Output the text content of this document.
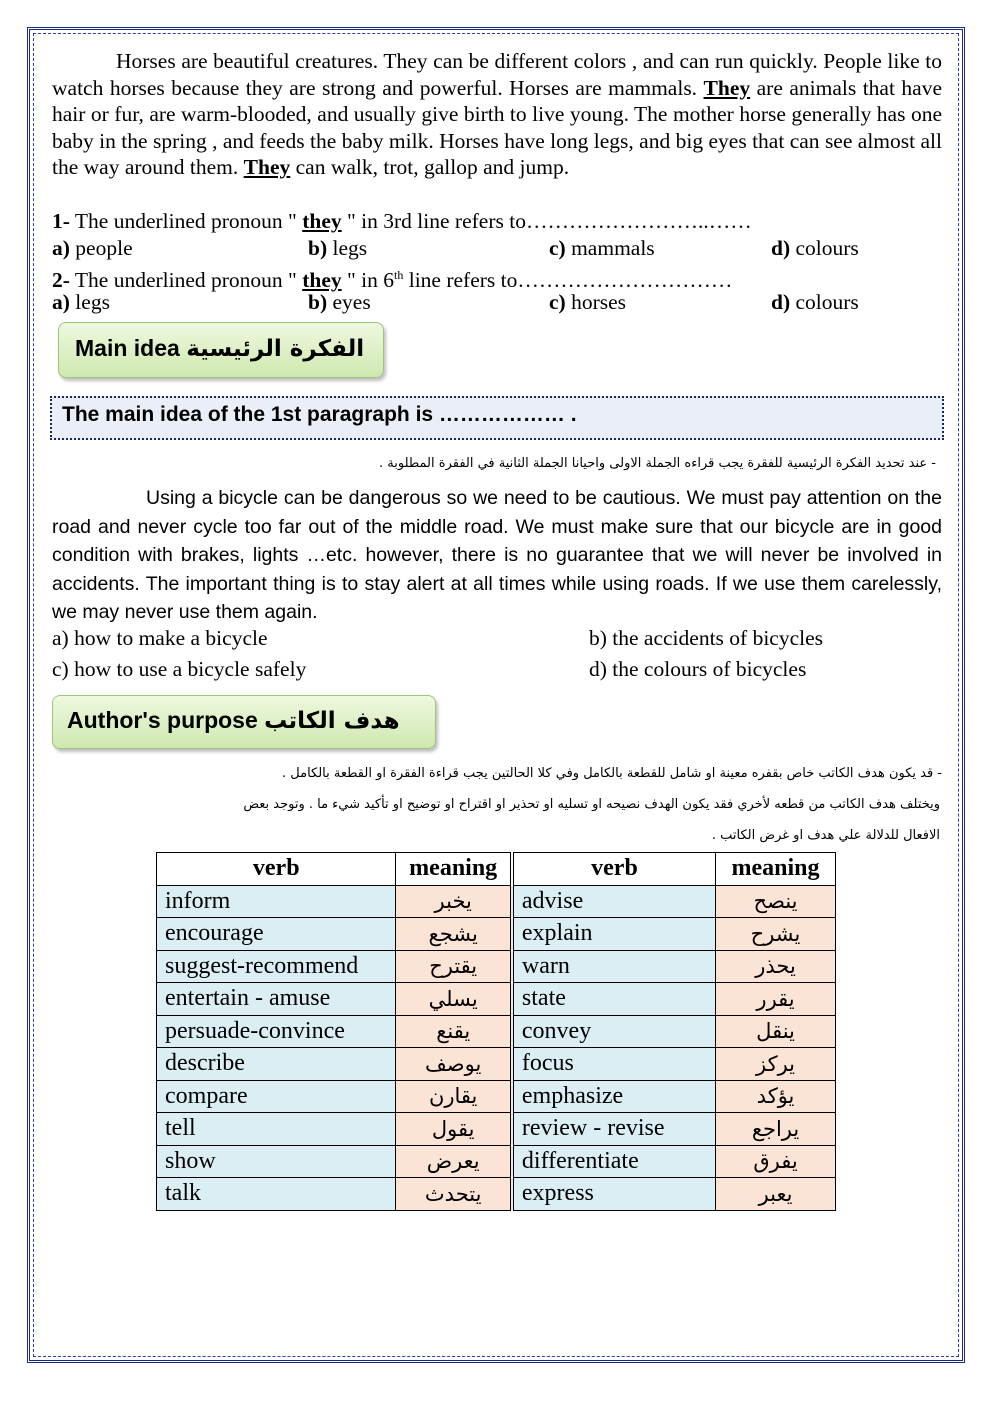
Horses are beautiful creatures. They can be different colors , and can run quickly. People like to watch horses because they are strong and powerful. Horses are mammals. They are animals that have hair or fur, are warm-blooded, and usually give birth to live young. The mother horse generally has one baby in the spring , and feeds the baby milk. Horses have long legs, and big eyes that can see almost all the way around them. They can walk, trot, gallop and jump.
1- The underlined pronoun " they " in 3rd line refers to……………………..……
a) people	b) legs	c) mammals	d) colours
2- The underlined pronoun " they " in 6th line refers to…………………………
a) legs	b) eyes	c) horses	d) colours
Main idea الفكرة الرئيسية
The main idea of the 1st paragraph is ……………… .
- عند تحديد الفكرة الرئيسية للفقرة يجب قراءه الجملة الاولى واحيانا الجملة الثانية في الفقرة المطلوبة .
Using a bicycle can be dangerous so we need to be cautious. We must pay attention on the road and never cycle too far out of the middle road. We must make sure that our bicycle are in good condition with brakes, lights …etc. however, there is no guarantee that we will never be involved in accidents. The important thing is to stay alert at all times while using roads. If we use them carelessly, we may never use them again.
a) how to make a bicycle	b) the accidents of bicycles
c) how to use a bicycle safely	d) the colours of bicycles
Author's purpose هدف الكاتب
- قد يكون هدف الكاتب خاص بقفره معينة او شامل للقطعة بالكامل وفي كلا الحالتين يجب قراءة الفقرة او القطعة بالكامل .
ويختلف هدف الكاتب من قطعه لأخري فقد يكون الهدف نصيحه او تسليه او تحذير او اقتراح او توضيح او تأكيد شيء ما . وتوجد بعض
الافعال للدلالة علي هدف او غرض الكاتب .
verb	meaning	verb	meaning
inform	يخبر	advise	ينصح
encourage	يشجع	explain	يشرح
suggest-recommend	يقترح	warn	يحذر
entertain - amuse	يسلي	state	يقرر
persuade-convince	يقنع	convey	ينقل
describe	يوصف	focus	يركز
compare	يقارن	emphasize	يؤكد
tell	يقول	review - revise	يراجع
show	يعرض	differentiate	يفرق
talk	يتحدث	express	يعبر
